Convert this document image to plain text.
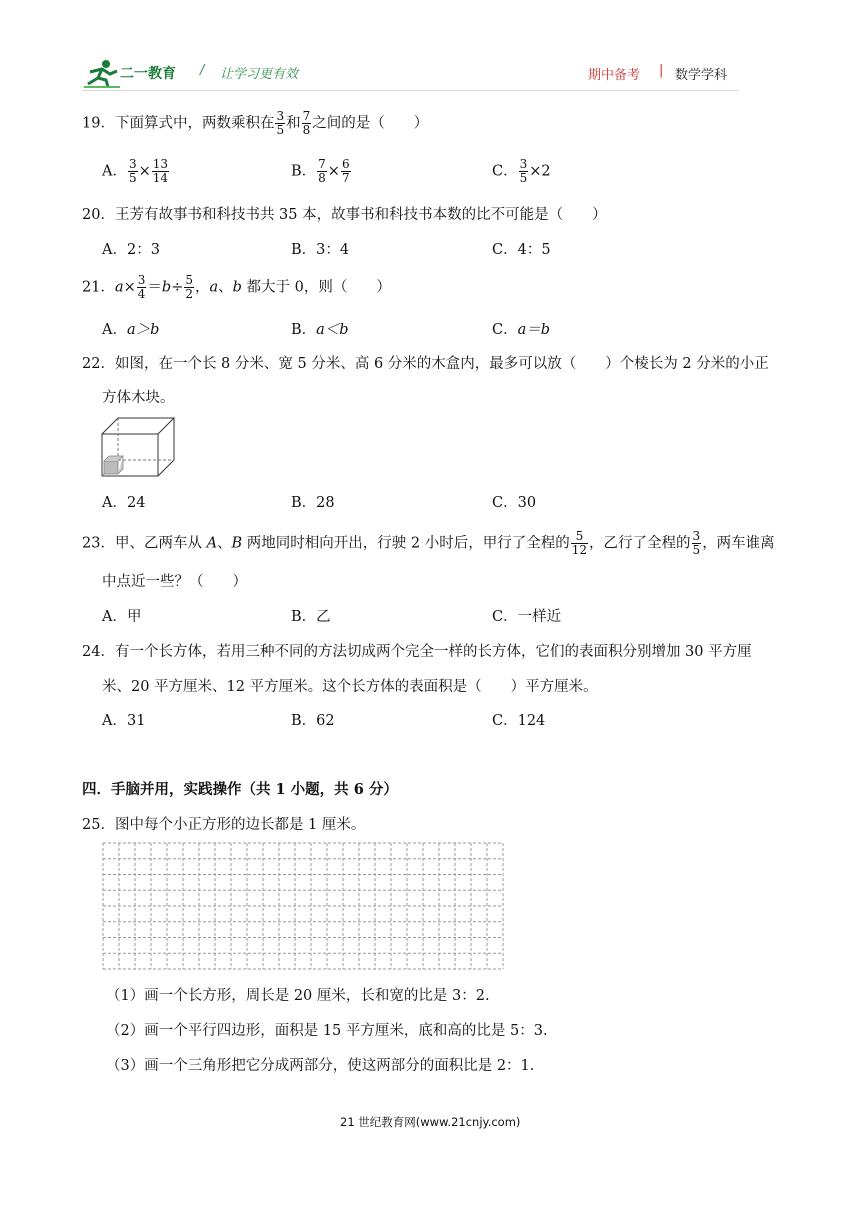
二一教育 / 让学习更有效	期中备考 | 数学学科
19．下面算式中，两数乘积在 $\frac{3}{5}$ 和 $\frac{7}{8}$ 之间的是（　　）
A． $\frac{3}{5} \times \frac{13}{14}$	B． $\frac{7}{8} \times \frac{6}{7}$	C． $\frac{3}{5} \times 2$
20．王芳有故事书和科技书共 35 本，故事书和科技书本数的比不可能是（　　）
A．2：3	B．3：4	C．4：5
21．$a\times \frac{3}{4} =b\div \frac{5}{2}$ ，a、b 都大于 0，则（　　）
A．a＞b	B．a＜b	C．a＝b
22．如图，在一个长 8 分米、宽 5 分米、高 6 分米的木盒内，最多可以放（　　）个棱长为 2 分米的小正
方体木块。
A．24	B．28	C．30
23．甲、乙两车从 A、B 两地同时相向开出，行驶 2 小时后，甲行了全程的 $\frac{5}{12}$ ，乙行了全程的 $\frac{3}{5}$ ，两车谁离
中点近一些？（　　）
A．甲	B．乙	C．一样近
24．有一个长方体，若用三种不同的方法切成两个完全一样的长方体，它们的表面积分别增加 30 平方厘
米、20 平方厘米、12 平方厘米。这个长方体的表面积是（　　）平方厘米。
A．31	B．62	C．124
四．手脑并用，实践操作（共 1 小题，共 6 分）
25．图中每个小正方形的边长都是 1 厘米。
（1）画一个长方形，周长是 20 厘米，长和宽的比是 3：2.
（2）画一个平行四边形，面积是 15 平方厘米，底和高的比是 5：3.
（3）画一个三角形把它分成两部分，使这两部分的面积比是 2：1.
21 世纪教育网(www.21cnjy.com)
